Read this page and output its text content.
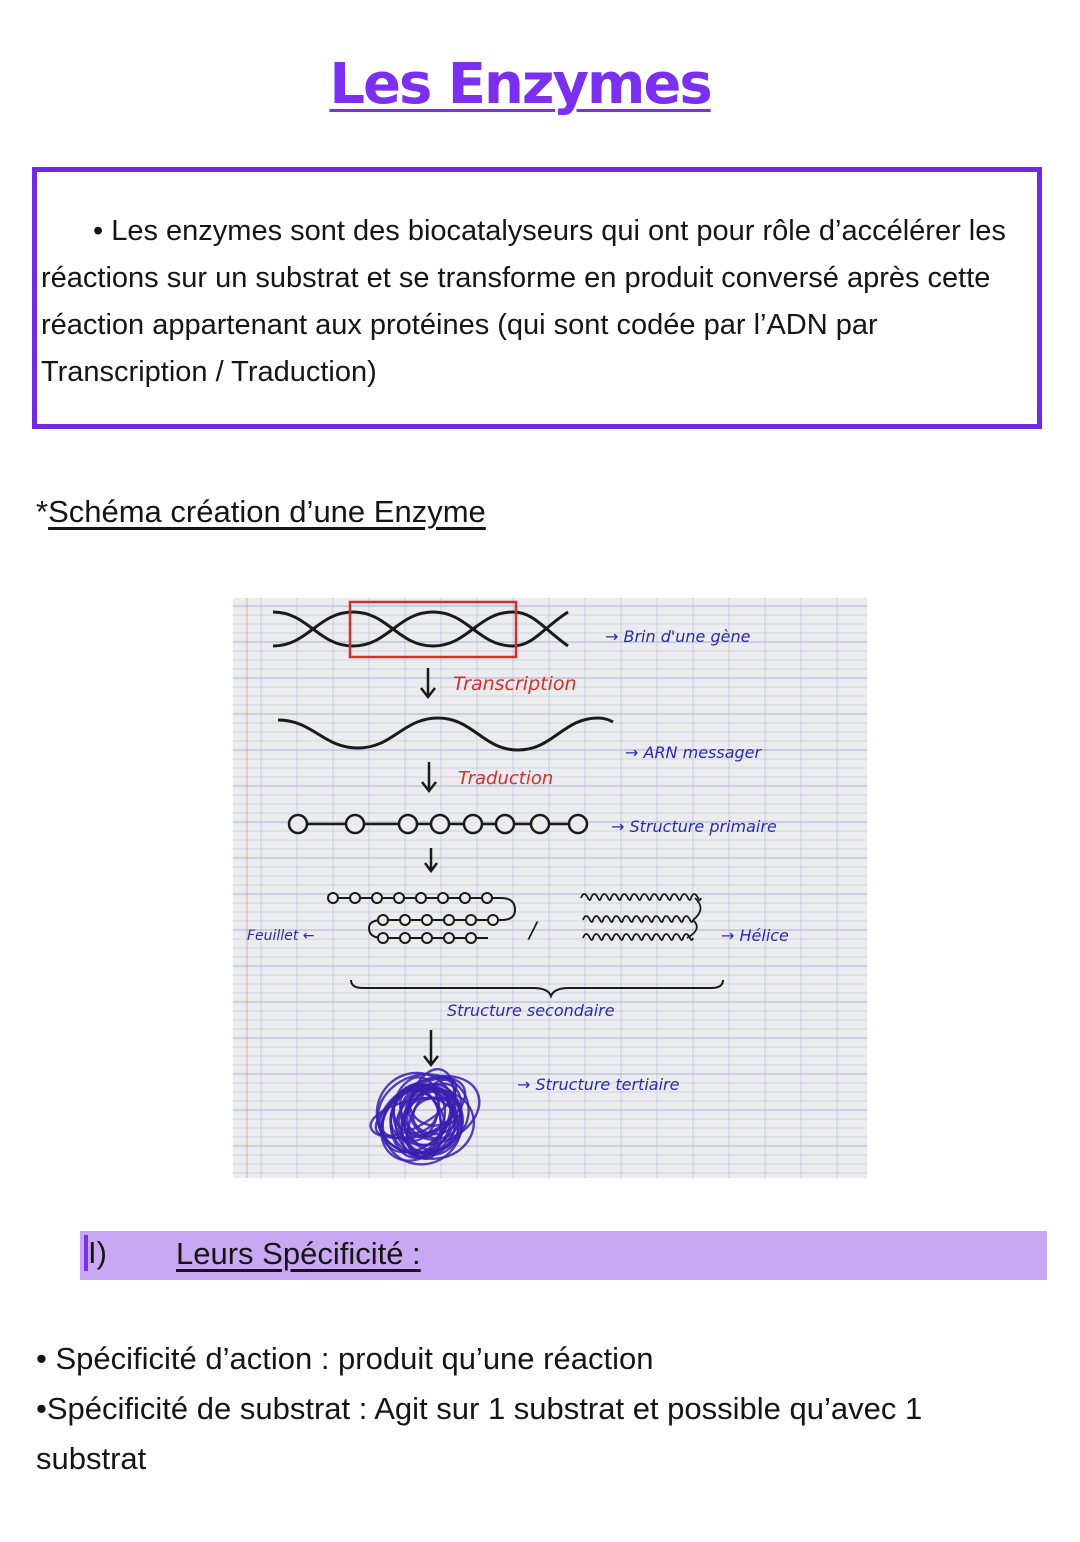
Les Enzymes

• Les enzymes sont des biocatalyseurs qui ont pour rôle d’accélérer les réactions sur un substrat et se transforme en produit conversé après cette réaction appartenant aux protéines (qui sont codée par l’ADN par Transcription / Traduction)

*Schéma création d’une Enzyme

→ Brin d'une gène
Transcription
→ ARN messager
Traduction
→ Structure primaire
Feuillet ←	/	→ Hélice
Structure secondaire
→ Structure tertiaire
I) Leurs Spécificité :
• Spécificité d’action : produit qu’une réaction
•Spécificité de substrat : Agit sur 1 substrat et possible qu’avec 1 substrat
